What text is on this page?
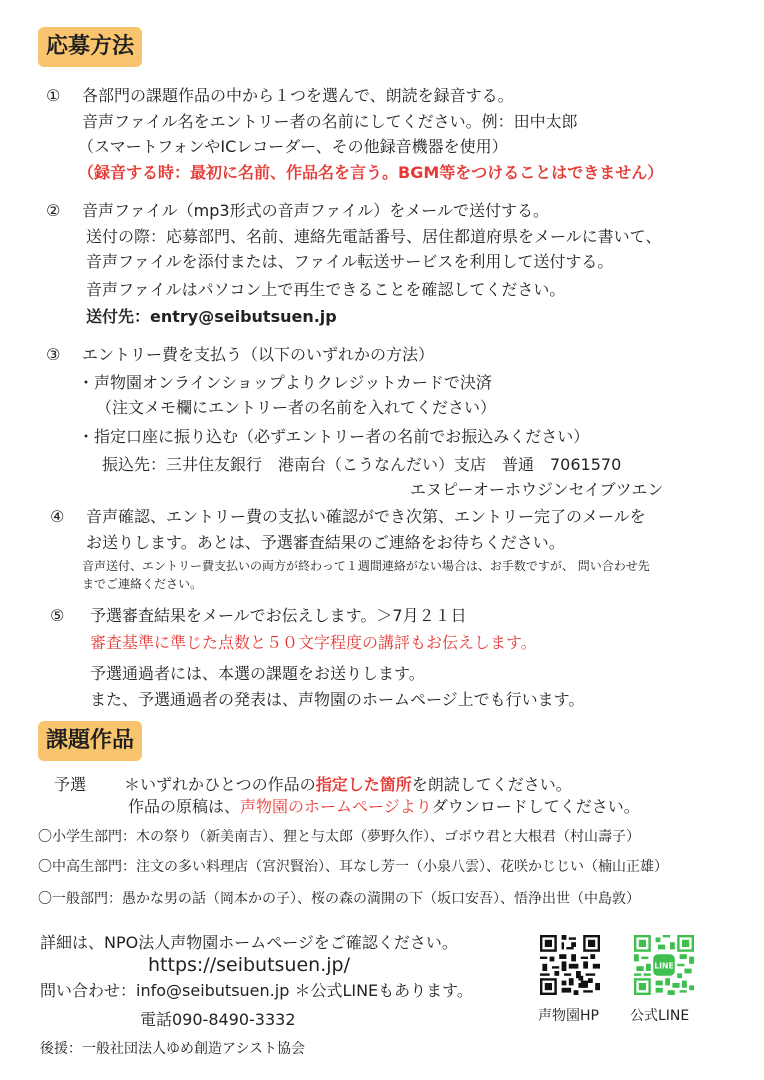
応募方法
① 各部門の課題作品の中から１つを選んで、朗読を録音する。
音声ファイル名をエントリー者の名前にしてください。例：田中太郎
（スマートフォンやICレコーダー、その他録音機器を使用）
（録音する時：最初に名前、作品名を言う。BGM等をつけることはできません）
② 音声ファイル（mp3形式の音声ファイル）をメールで送付する。
送付の際：応募部門、名前、連絡先電話番号、居住都道府県をメールに書いて、
音声ファイルを添付または、ファイル転送サービスを利用して送付する。
音声ファイルはパソコン上で再生できることを確認してください。
送付先：entry@seibutsuen.jp
③ エントリー費を支払う（以下のいずれかの方法）
・声物園オンラインショップよりクレジットカードで決済
（注文メモ欄にエントリー者の名前を入れてください）
・指定口座に振り込む（必ずエントリー者の名前でお振込みください）
振込先：三井住友銀行　港南台（こうなんだい）支店　普通　7061570
エヌピーオーホウジンセイブツエン
④ 音声確認、エントリー費の支払い確認ができ次第、エントリー完了のメールを
お送りします。あとは、予選審査結果のご連絡をお待ちください。
音声送付、エントリー費支払いの両方が終わって１週間連絡がない場合は、お手数ですが、 問い合わせ先
までご連絡ください。
⑤ 予選審査結果をメールでお伝えします。＞7月２１日
審査基準に準じた点数と５０文字程度の講評もお伝えします。
予選通過者には、本選の課題をお送りします。
また、予選通過者の発表は、声物園のホームページ上でも行います。
課題作品
予選 ＊いずれかひとつの作品の指定した箇所を朗読してください。
作品の原稿は、声物園のホームページよりダウンロードしてください。
〇小学生部門：木の祭り（新美南吉）、狸と与太郎（夢野久作）、ゴボウ君と大根君（村山壽子）
〇中高生部門：注文の多い料理店（宮沢賢治）、耳なし芳一（小泉八雲）、花咲かじじい（楠山正雄）
〇一般部門：愚かな男の話（岡本かの子）、桜の森の満開の下（坂口安吾）、悟浄出世（中島敦）
詳細は、NPO法人声物園ホームページをご確認ください。
https://seibutsuen.jp/
問い合わせ：info@seibutsuen.jp ＊公式LINEもあります。
電話090-8490-3332
後援：一般社団法人ゆめ創造アシスト協会
声物園HP
LINE
公式LINE
